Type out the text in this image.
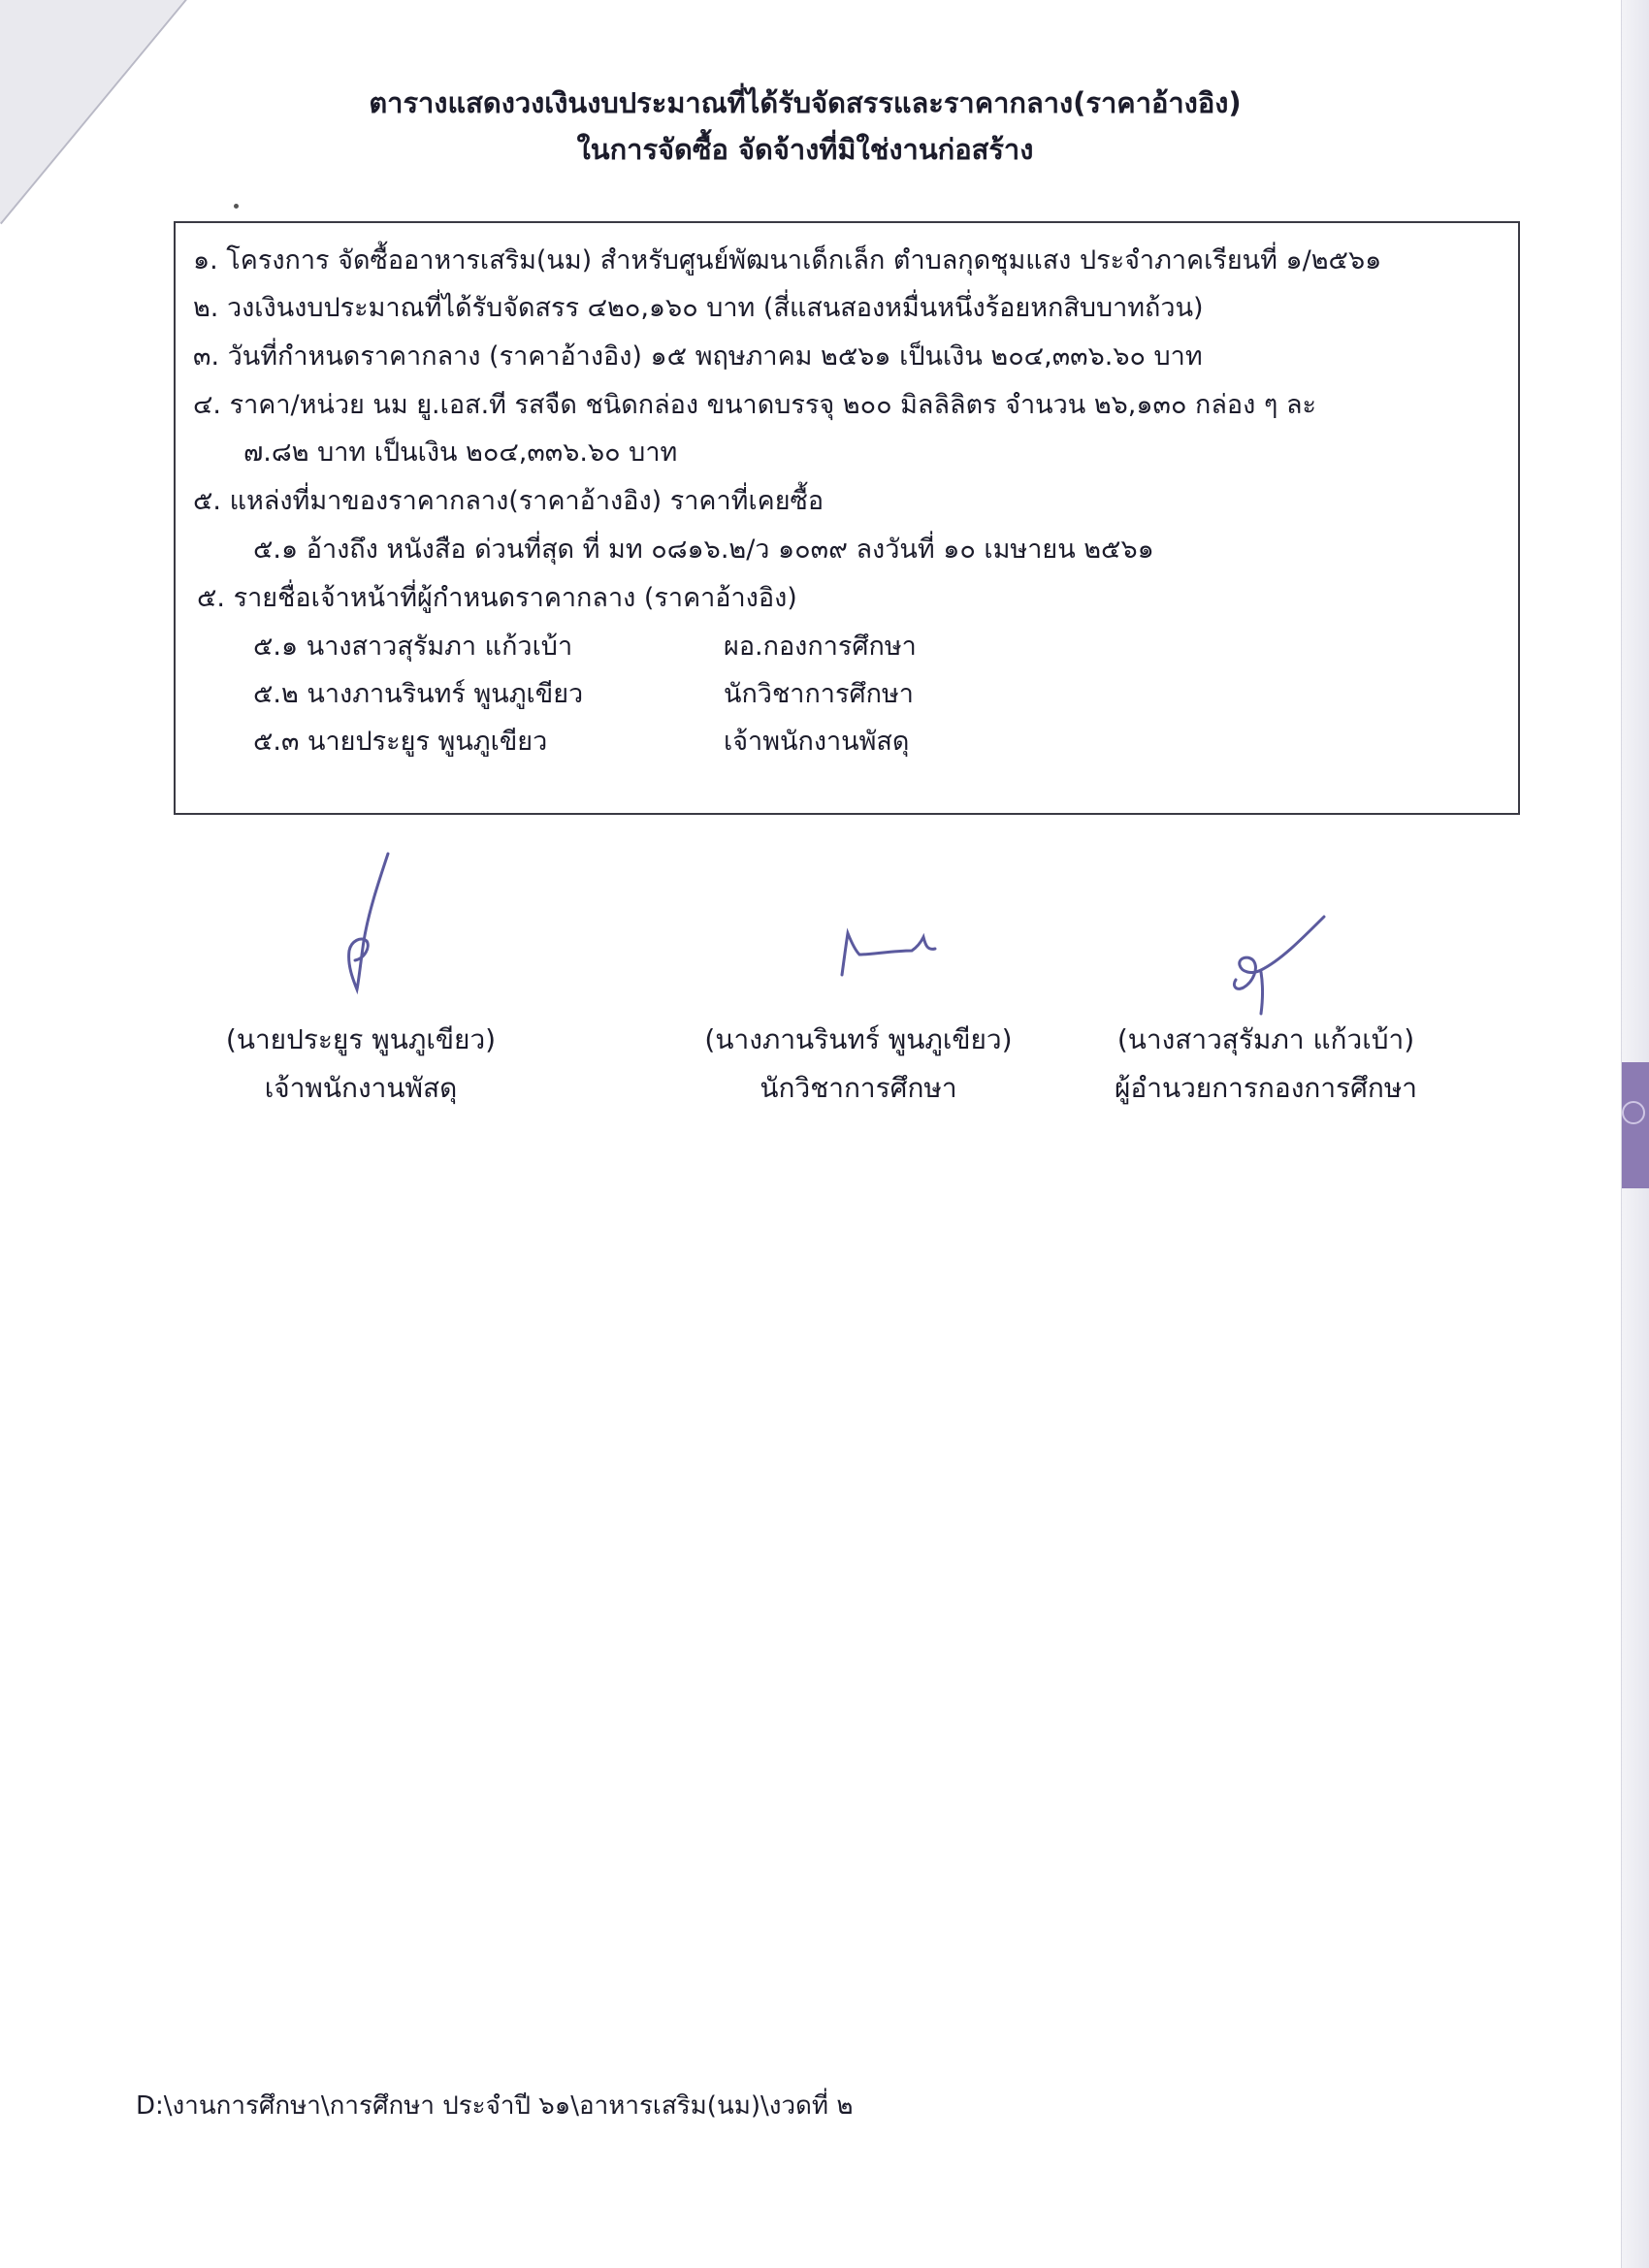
ตารางแสดงวงเงินงบประมาณที่ได้รับจัดสรรและราคากลาง(ราคาอ้างอิง)
ในการจัดซื้อ จัดจ้างที่มิใช่งานก่อสร้าง
๑. โครงการ จัดซื้ออาหารเสริม(นม) สำหรับศูนย์พัฒนาเด็กเล็ก ตำบลกุดชุมแสง ประจำภาคเรียนที่ ๑/๒๕๖๑
๒. วงเงินงบประมาณที่ได้รับจัดสรร ๔๒๐,๑๖๐ บาท (สี่แสนสองหมื่นหนึ่งร้อยหกสิบบาทถ้วน)
๓. วันที่กำหนดราคากลาง (ราคาอ้างอิง) ๑๕ พฤษภาคม ๒๕๖๑ เป็นเงิน ๒๐๔,๓๓๖.๖๐ บาท
๔. ราคา/หน่วย นม ยู.เอส.ที รสจืด ชนิดกล่อง ขนาดบรรจุ ๒๐๐ มิลลิลิตร จำนวน ๒๖,๑๓๐ กล่อง ๆ ละ
๗.๘๒ บาท เป็นเงิน ๒๐๔,๓๓๖.๖๐ บาท
๕. แหล่งที่มาของราคากลาง(ราคาอ้างอิง) ราคาที่เคยซื้อ
๕.๑ อ้างถึง หนังสือ ด่วนที่สุด ที่ มท ๐๘๑๖.๒/ว ๑๐๓๙ ลงวันที่ ๑๐ เมษายน ๒๕๖๑
๕. รายชื่อเจ้าหน้าที่ผู้กำหนดราคากลาง (ราคาอ้างอิง)
๕.๑ นางสาวสุรัมภา แก้วเบ้า	ผอ.กองการศึกษา
๕.๒ นางภานรินทร์ พูนภูเขียว	นักวิชาการศึกษา
๕.๓ นายประยูร พูนภูเขียว	เจ้าพนักงานพัสดุ
(นายประยูร พูนภูเขียว)
เจ้าพนักงานพัสดุ
(นางภานรินทร์ พูนภูเขียว)
นักวิชาการศึกษา
(นางสาวสุรัมภา แก้วเบ้า)
ผู้อำนวยการกองการศึกษา
D:\งานการศึกษา\การศึกษา ประจำปี ๖๑\อาหารเสริม(นม)\งวดที่ ๒
